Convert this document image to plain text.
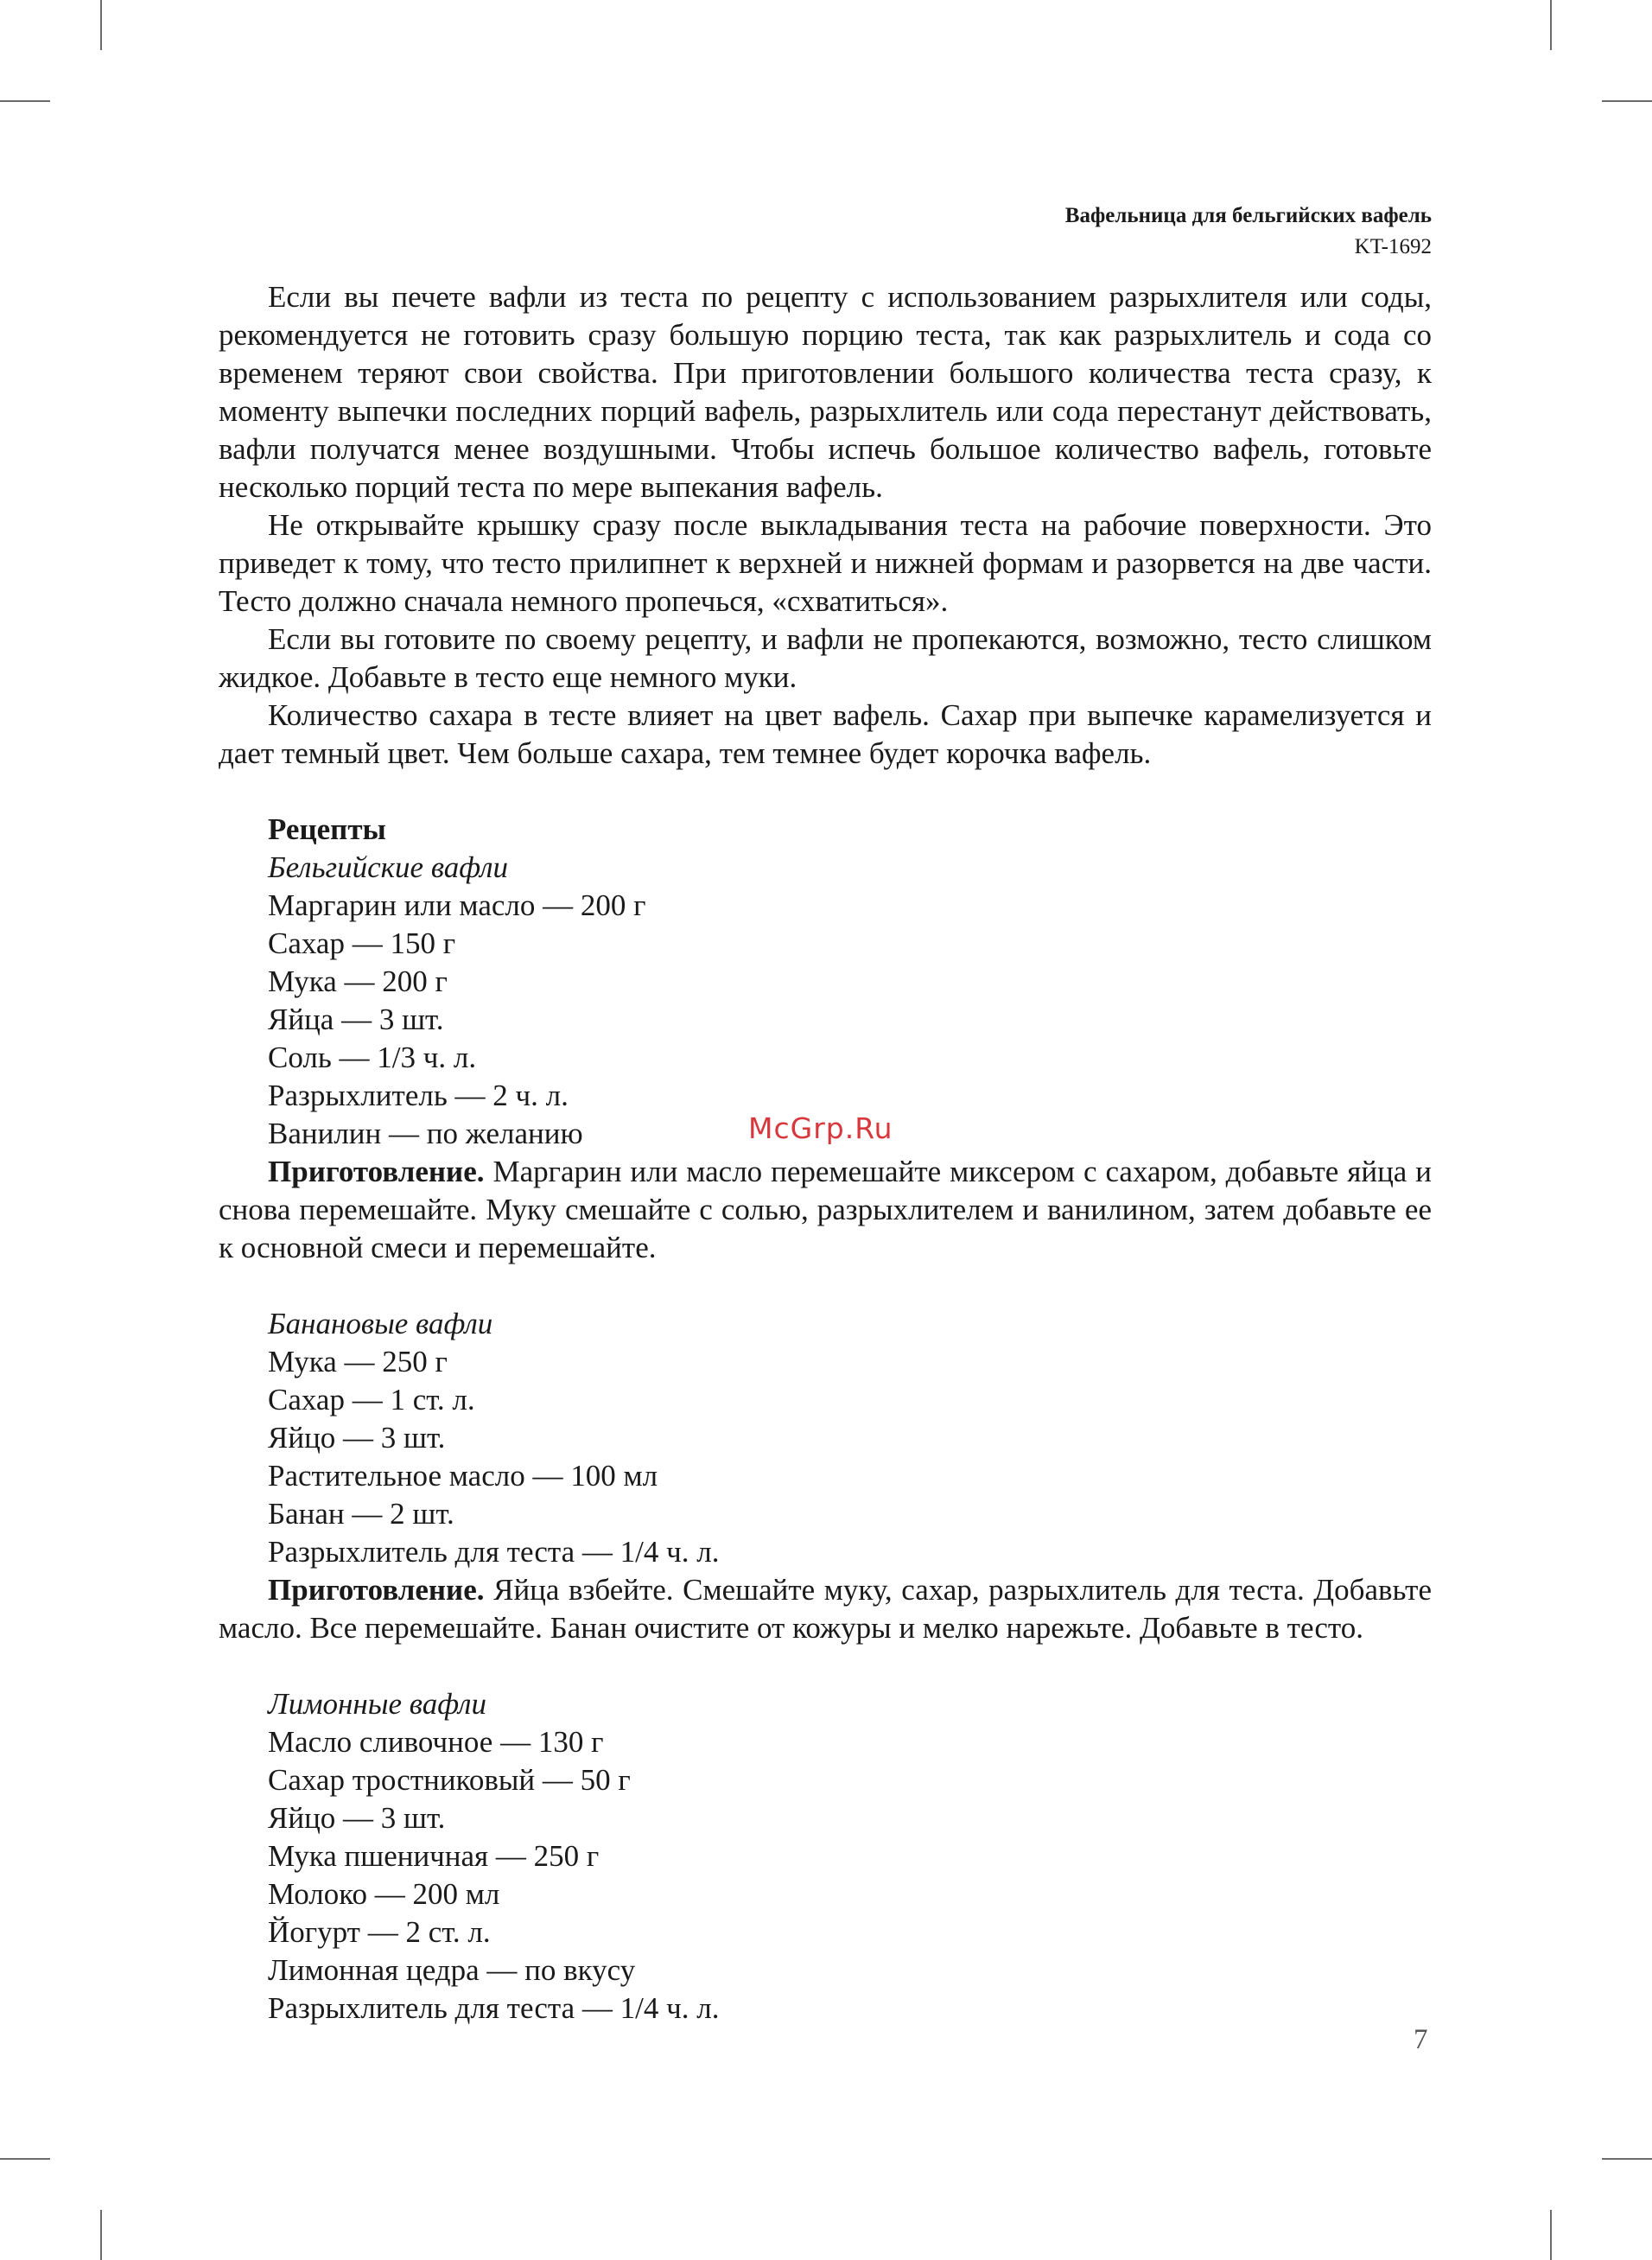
Вафельница для бельгийских вафель
KT-1692

Если вы печете вафли из теста по рецепту с использованием разрыхлителя или соды, рекомендуется не готовить сразу большую порцию теста, так как разрыхлитель и сода со временем теряют свои свойства. При приготовлении большого количества теста сразу, к моменту выпечки последних порций вафель, разрыхлитель или сода перестанут действовать, вафли получатся менее воздушными. Чтобы испечь большое количество вафель, готовьте несколько порций теста по мере выпекания вафель.

Не открывайте крышку сразу после выкладывания теста на рабочие поверхности. Это приведет к тому, что тесто прилипнет к верхней и нижней формам и разорвется на две части. Тесто должно сначала немного пропечься, «схватиться».

Если вы готовите по своему рецепту, и вафли не пропекаются, возможно, тесто слишком жидкое. Добавьте в тесто еще немного муки.

Количество сахара в тесте влияет на цвет вафель. Сахар при выпечке карамелизуется и дает темный цвет. Чем больше сахара, тем темнее будет корочка вафель.

Рецепты

Бельгийские вафли

Маргарин или масло — 200 г

Сахар — 150 г

Мука — 200 г

Яйца — 3 шт.

Соль — 1/3 ч. л.

Разрыхлитель — 2 ч. л.

Ванилин — по желанию

Приготовление. Маргарин или масло перемешайте миксером с сахаром, добавьте яйца и снова перемешайте. Муку смешайте с солью, разрыхлителем и ванилином, затем добавьте ее к основной смеси и перемешайте.

Банановые вафли

Мука — 250 г

Сахар — 1 ст. л.

Яйцо — 3 шт.

Растительное масло — 100 мл

Банан — 2 шт.

Разрыхлитель для теста — 1/4 ч. л.

Приготовление. Яйца взбейте. Смешайте муку, сахар, разрыхлитель для теста. Добавьте масло. Все перемешайте. Банан очистите от кожуры и мелко нарежьте. Добавьте в тесто.

Лимонные вафли

Масло сливочное — 130 г

Сахар тростниковый — 50 г

Яйцо — 3 шт.

Мука пшеничная — 250 г

Молоко — 200 мл

Йогурт — 2 ст. л.

Лимонная цедра — по вкусу

Разрыхлитель для теста — 1/4 ч. л.

McGrp.Ru
7
